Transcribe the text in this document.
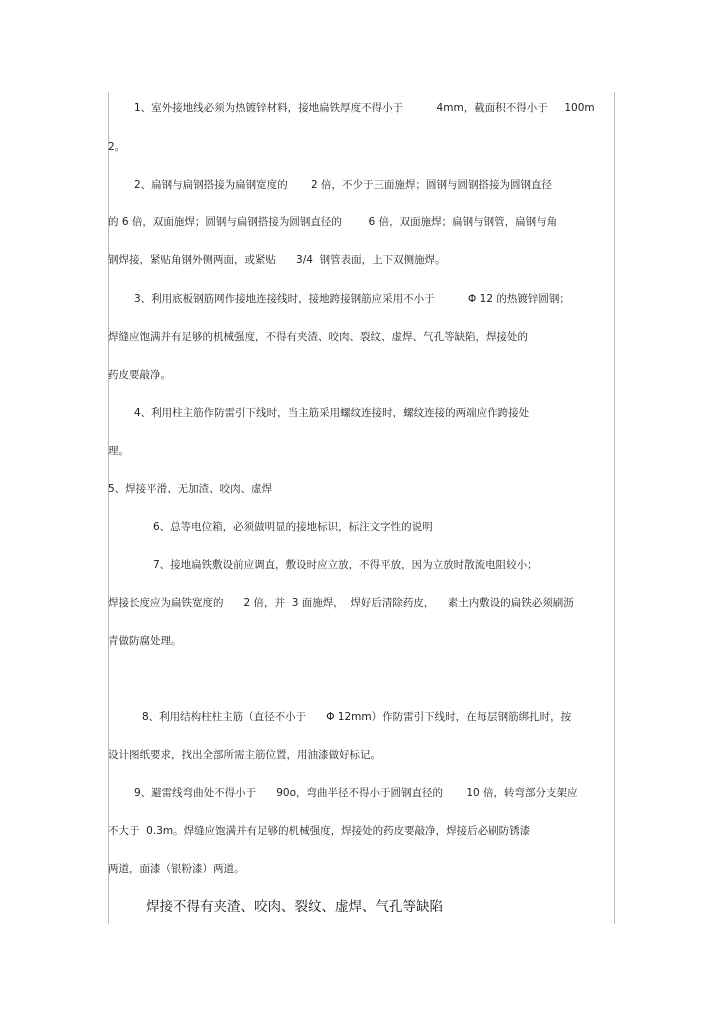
1、室外接地线必须为热镀锌材料，接地扁铁厚度不得小于          4mm，截面积不得小于     100m
2。
2、扁钢与扁钢搭接为扁钢宽度的       2 倍，不少于三面施焊；圆钢与圆钢搭接为圆钢直径
的 6 倍，双面施焊；圆钢与扁钢搭接为圆钢直径的        6 倍，双面施焊；扁钢与钢管，扁钢与角
钢焊接，紧贴角钢外侧两面，或紧贴      3/4  钢管表面，上下双侧施焊。
3、利用底板钢筋网作接地连接线时，接地跨接钢筋应采用不小于          Φ 12 的热镀锌圆钢；
焊缝应饱满并有足够的机械强度，不得有夹渣、咬肉、裂纹、虚焊、气孔等缺陷，焊接处的
药皮要敲净。
4、利用柱主筋作防雷引下线时，当主筋采用螺纹连接时，螺纹连接的两端应作跨接处
理。
5、焊接平滑、无加渣、咬肉、虚焊
6、总等电位箱，必须做明显的接地标识，标注文字性的说明
7、接地扁铁敷设前应调直，敷设时应立放，不得平放，因为立放时散流电阻较小；
焊接长度应为扁铁宽度的      2 倍，并  3 面施焊，  焊好后清除药皮，    素土内敷设的扁铁必须刷沥
青做防腐处理。
8、利用结构柱柱主筋（直径不小于      Φ 12mm）作防雷引下线时，在每层钢筋绑扎时，按
设计图纸要求，找出全部所需主筋位置，用油漆做好标记。
9、避雷线弯曲处不得小于      90o，弯曲半径不得小于圆钢直径的       10 倍，转弯部分支架应
不大于  0.3m。焊缝应饱满并有足够的机械强度，焊接处的药皮要敲净，焊接后必刷防锈漆
两道，面漆（银粉漆）两道。
焊接不得有夹渣、咬肉、裂纹、虚焊、气孔等缺陷
